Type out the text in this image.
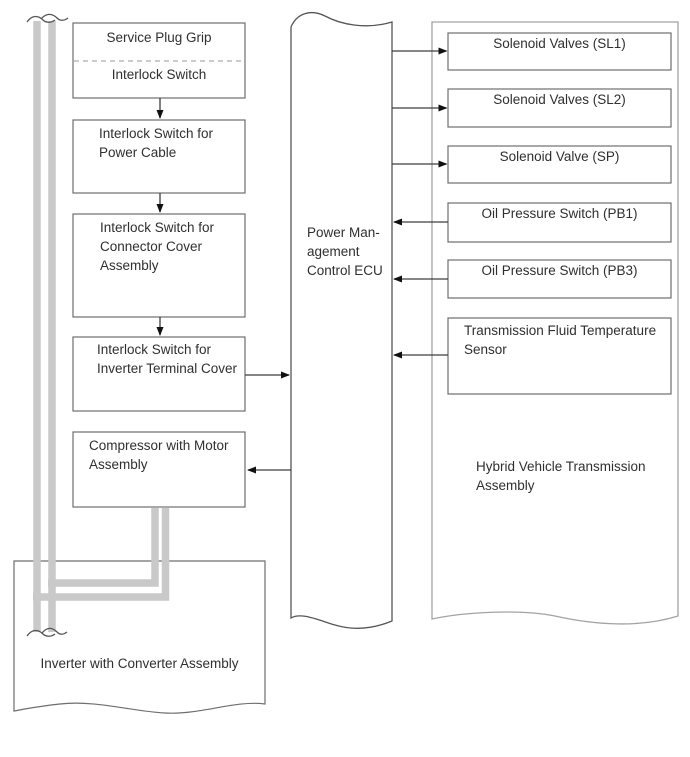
Service Plug Grip
Interlock Switch
Interlock Switch for
Power Cable
Interlock Switch for
Connector Cover
Assembly
Interlock Switch for
Inverter Terminal Cover
Compressor with Motor
Assembly
Power Man-
agement
Control ECU
Solenoid Valves (SL1)
Solenoid Valves (SL2)
Solenoid Valve (SP)
Oil Pressure Switch (PB1)
Oil Pressure Switch (PB3)
Transmission Fluid Temperature
Sensor
Hybrid Vehicle Transmission
Assembly
Inverter with Converter Assembly
